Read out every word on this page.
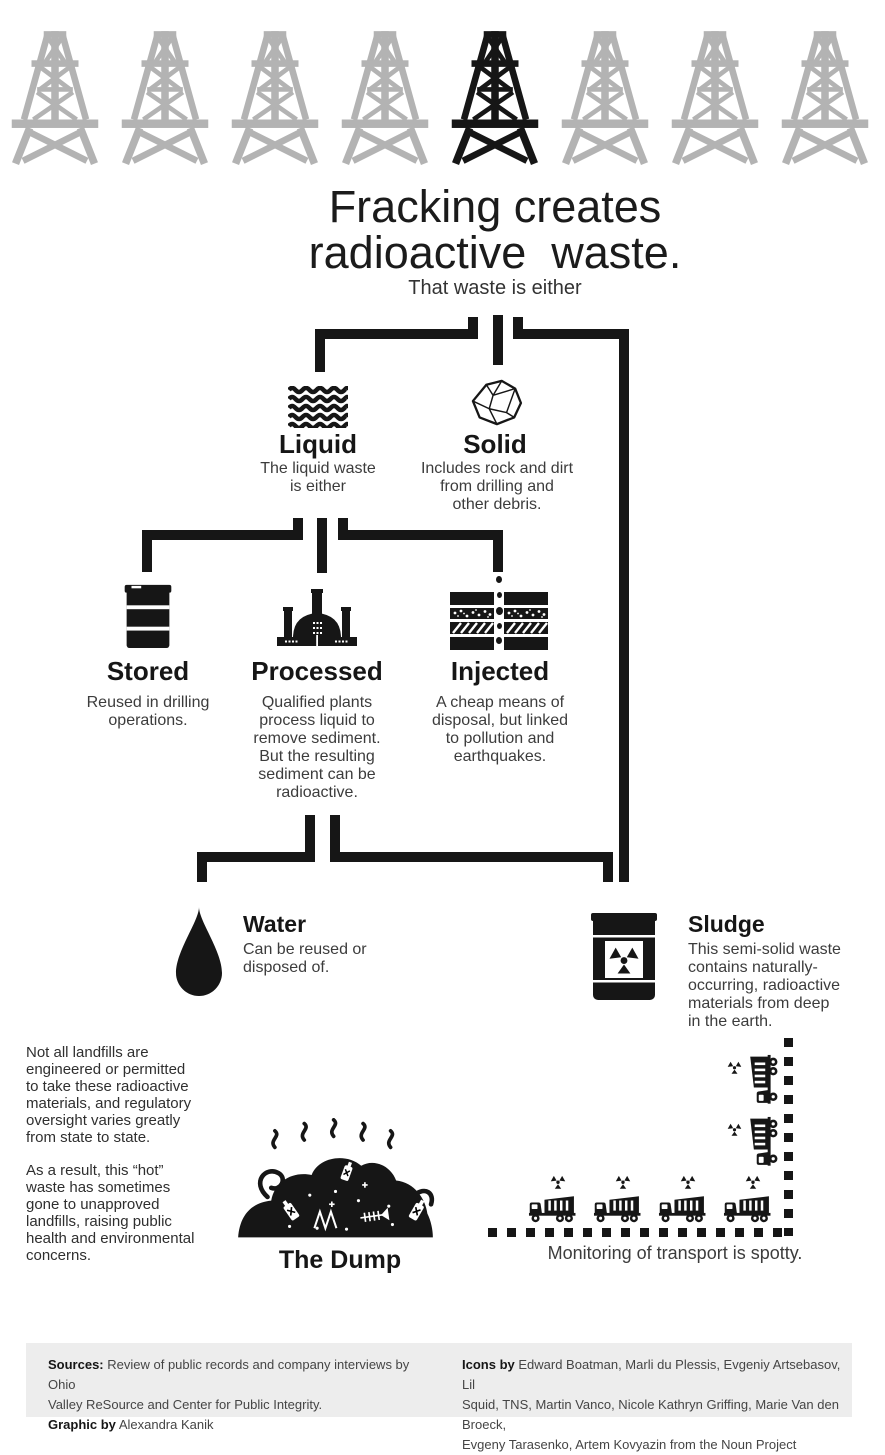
Fracking creates
radioactive  waste.
That waste is either
Liquid
The liquid waste
is either
Solid
Includes rock and dirt
from drilling and
other debris.
Stored
Reused in drilling
operations.
Processed
Qualified plants
process liquid to
remove sediment.
But the resulting
sediment can be
radioactive.
Injected
A cheap means of
disposal, but linked
to pollution and
earthquakes.
Water
Can be reused or
disposed of.
Sludge
This semi-solid waste
contains naturally-
occurring, radioactive
materials from deep
in the earth.
Not all landfills are
engineered or permitted
to take these radioactive
materials, and regulatory
oversight varies greatly
from state to state.
As a result, this “hot”
waste has sometimes
gone to unapproved
landfills, raising public
health and environmental
concerns.	The Dump	Monitoring of transport is spotty.
Sources: Review of public records and company interviews by Ohio
Valley ReSource and Center for Public Integrity.
Graphic by Alexandra Kanik
Icons by Edward Boatman, Marli du Plessis, Evgeniy Artsebasov, Lil
Squid, TNS, Martin Vanco, Nicole Kathryn Griffing, Marie Van den Broeck,
Evgeny Tarasenko, Artem Kovyazin from the Noun Project
